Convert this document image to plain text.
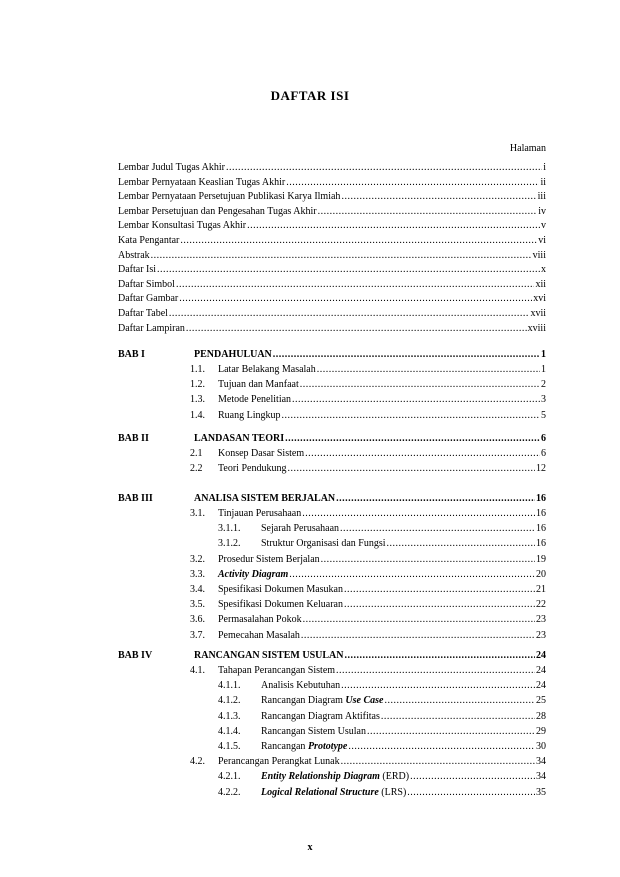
DAFTAR ISI
Halaman
Lembar Judul Tugas Akhir .....	i
Lembar Pernyataan Keaslian Tugas Akhir .....	ii
Lembar Pernyataan Persetujuan Publikasi Karya Ilmiah .....	iii
Lembar Persetujuan dan Pengesahan Tugas Akhir .....	iv
Lembar Konsultasi Tugas Akhir .....	v
Kata Pengantar .....	vi
Abstrak .....	viii
Daftar Isi .....	x
Daftar Simbol .....	xii
Daftar Gambar .....	xvi
Daftar Tabel .....	xvii
Daftar Lampiran .....	xviii
BAB I	PENDAHULUAN .....	1
1.1.	Latar Belakang Masalah .....	1
1.2.	Tujuan dan Manfaat .....	2
1.3.	Metode Penelitian .....	3
1.4.	Ruang Lingkup .....	5
BAB II	LANDASAN TEORI .....	6
2.1	Konsep Dasar Sistem .....	6
2.2	Teori Pendukung .....	12
BAB III	ANALISA SISTEM BERJALAN .....	16
3.1.	Tinjauan Perusahaan .....	16
3.1.1.	Sejarah Perusahaan .....	16
3.1.2.	Struktur Organisasi dan Fungsi .....	16
3.2.	Prosedur Sistem Berjalan .....	19
3.3.	Activity Diagram .....	20
3.4.	Spesifikasi Dokumen Masukan .....	21
3.5.	Spesifikasi Dokumen Keluaran .....	22
3.6.	Permasalahan Pokok .....	23
3.7.	Pemecahan Masalah .....	23
BAB IV	RANCANGAN SISTEM USULAN .....	24
4.1.	Tahapan Perancangan Sistem .....	24
4.1.1.	Analisis Kebutuhan .....	24
4.1.2.	Rancangan Diagram Use Case .....	25
4.1.3.	Rancangan Diagram Aktifitas .....	28
4.1.4.	Rancangan Sistem Usulan .....	29
4.1.5.	Rancangan Prototype .....	30
4.2.	Perancangan Perangkat Lunak .....	34
4.2.1.	Entity Relationship Diagram (ERD) .....	34
4.2.2.	Logical Relational Structure (LRS) .....	35
x
